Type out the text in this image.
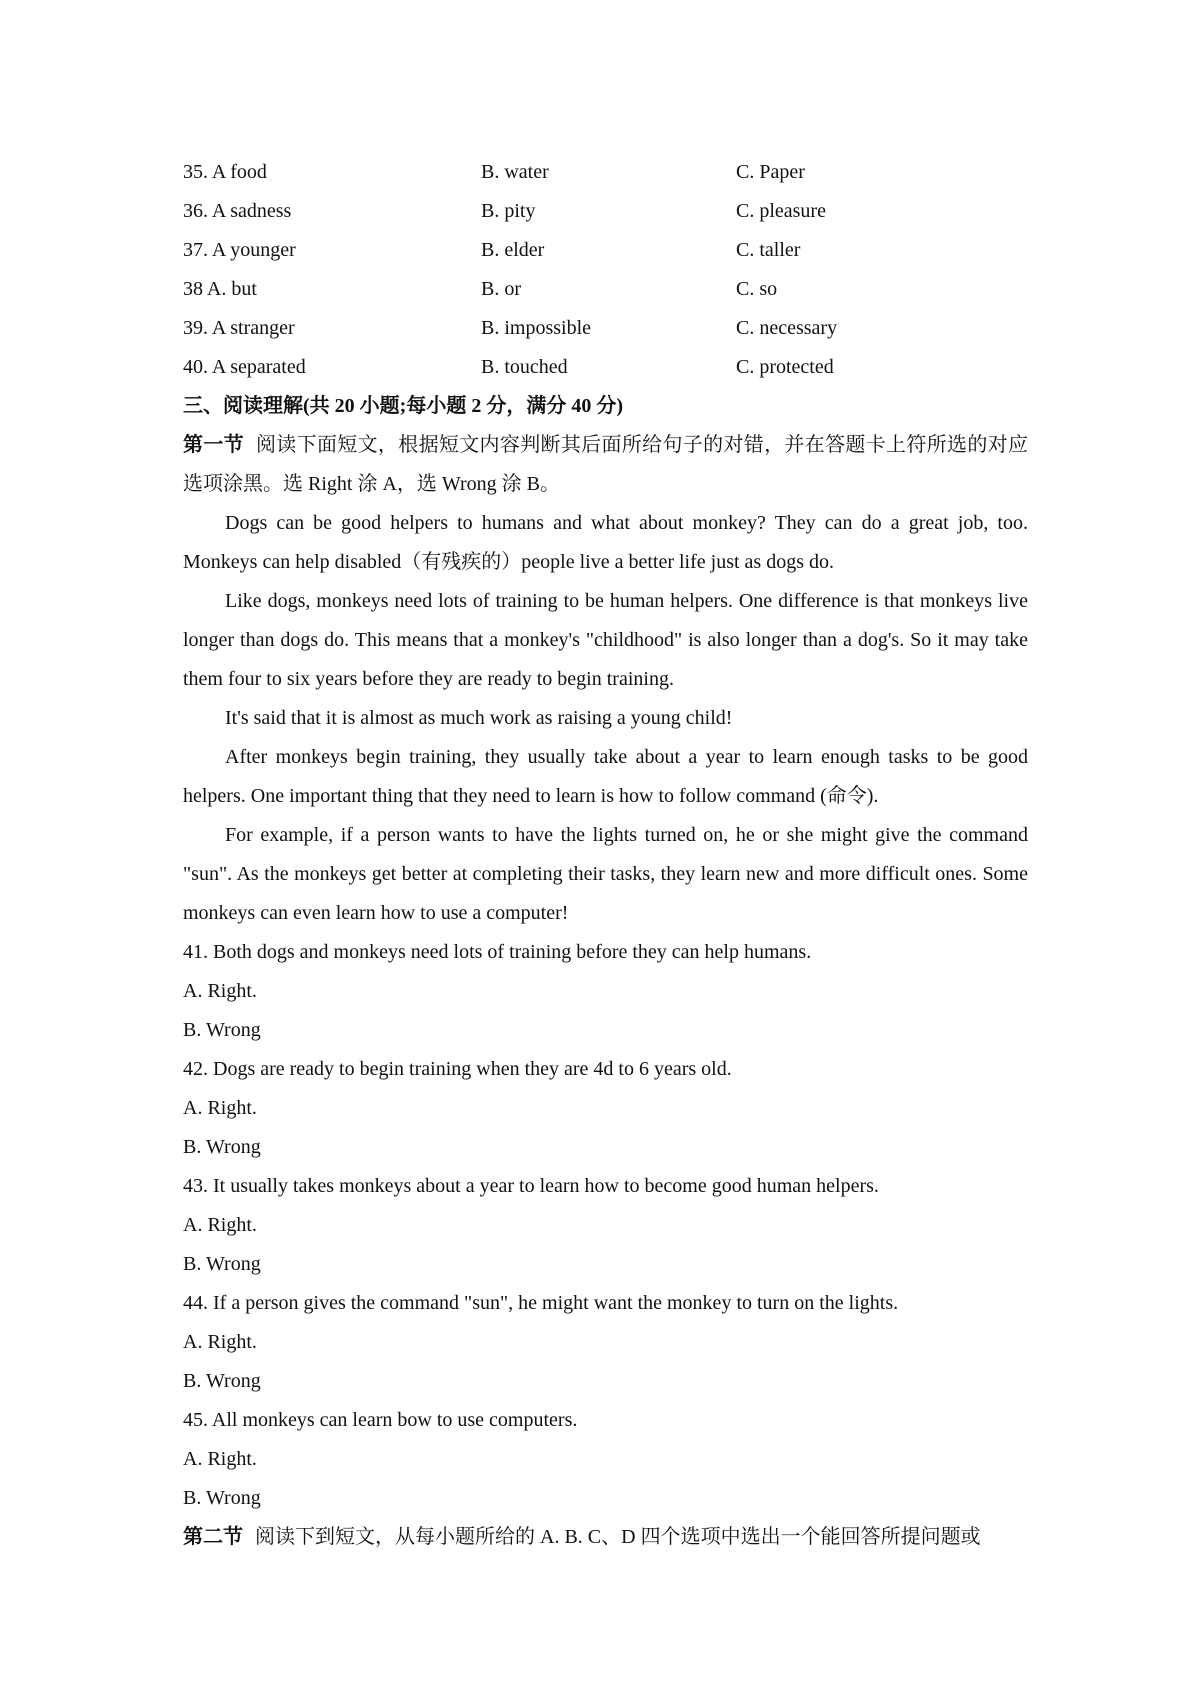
35. A food	B. water	C. Paper
36. A sadness	B. pity	C. pleasure
37. A younger	B. elder	C. taller
38 A. but	B. or	C. so
39. A stranger	B. impossible	C. necessary
40. A separated	B. touched	C. protected
三、阅读理解(共 20 小题;每小题 2 分，满分 40 分)

第一节 阅读下面短文，根据短文内容判断其后面所给句子的对错，并在答题卡上符所选的对应选项涂黑。选 Right 涂 A，选 Wrong 涂 B。

Dogs can be good helpers to humans and what about monkey? They can do a great job, too. Monkeys can help disabled（有残疾的）people live a better life just as dogs do.

Like dogs, monkeys need lots of training to be human helpers. One difference is that monkeys live longer than dogs do. This means that a monkey's "childhood" is also longer than a dog's. So it may take them four to six years before they are ready to begin training.

It's said that it is almost as much work as raising a young child!

After monkeys begin training, they usually take about a year to learn enough tasks to be good helpers. One important thing that they need to learn is how to follow command (命令).

For example, if a person wants to have the lights turned on, he or she might give the command "sun". As the monkeys get better at completing their tasks, they learn new and more difficult ones. Some monkeys can even learn how to use a computer!

41. Both dogs and monkeys need lots of training before they can help humans.
A. Right.
B. Wrong
42. Dogs are ready to begin training when they are 4d to 6 years old.
A. Right.
B. Wrong
43. It usually takes monkeys about a year to learn how to become good human helpers.
A. Right.
B. Wrong
44. If a person gives the command "sun", he might want the monkey to turn on the lights.
A. Right.
B. Wrong
45. All monkeys can learn bow to use computers.
A. Right.
B. Wrong

第二节 阅读下到短文，从每小题所给的 A. B. C、D 四个选项中选出一个能回答所提问题或
